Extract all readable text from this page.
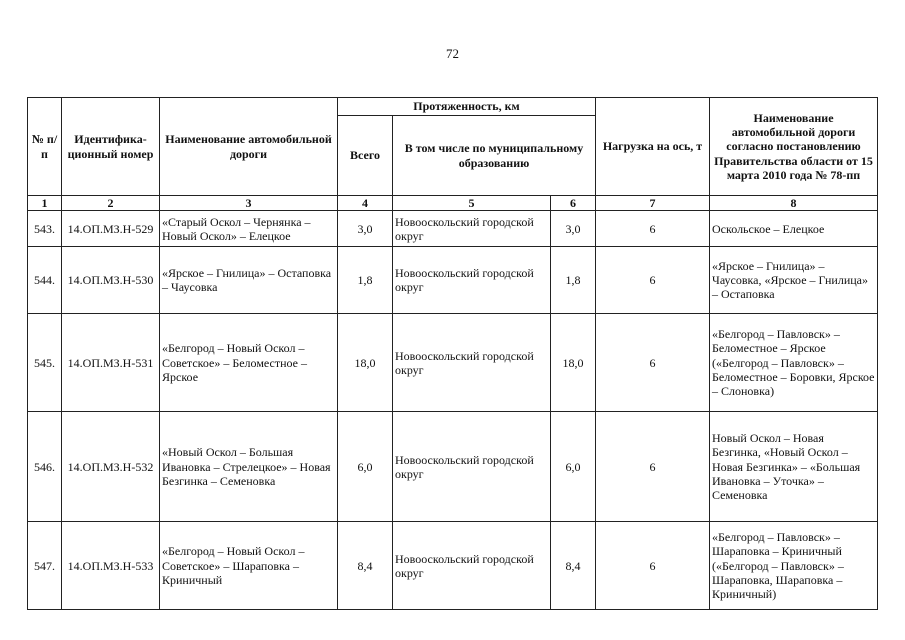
72
№ п/п	Идентифика-ционный номер	Наименование автомобильной дороги	Протяженность, км			Нагрузка на ось, т	Наименование автомобильной дороги согласно постановлению Правительства области от 15 марта 2010 года № 78-пп
			Всего	В том числе по муниципальному образованию			
1	2	3	4	5	6	7	8
543.	14.ОП.МЗ.Н-529	«Старый Оскол – Чернянка – Новый Оскол» – Елецкое	3,0	Новооскольский городской округ	3,0	6	Оскольское – Елецкое
544.	14.ОП.МЗ.Н-530	«Ярское – Гнилица» – Остаповка – Чаусовка	1,8	Новооскольский городской округ	1,8	6	«Ярское – Гнилица» – Чаусовка, «Ярское – Гнилица» – Остаповка
545.	14.ОП.МЗ.Н-531	«Белгород – Новый Оскол – Советское» – Беломестное – Ярское	18,0	Новооскольский городской округ	18,0	6	«Белгород – Павловск» – Беломестное – Ярское («Белгород – Павловск» – Беломестное – Боровки, Ярское – Слоновка)
546.	14.ОП.МЗ.Н-532	«Новый Оскол – Большая Ивановка – Стрелецкое» – Новая Безгинка – Семеновка	6,0	Новооскольский городской округ	6,0	6	Новый Оскол – Новая Безгинка, «Новый Оскол – Новая Безгинка» – «Большая Ивановка – Уточка» – Семеновка
547.	14.ОП.МЗ.Н-533	«Белгород – Новый Оскол – Советское» – Шараповка – Криничный	8,4	Новооскольский городской округ	8,4	6	«Белгород – Павловск» – Шараповка – Криничный («Белгород – Павловск» – Шараповка, Шараповка – Криничный)
